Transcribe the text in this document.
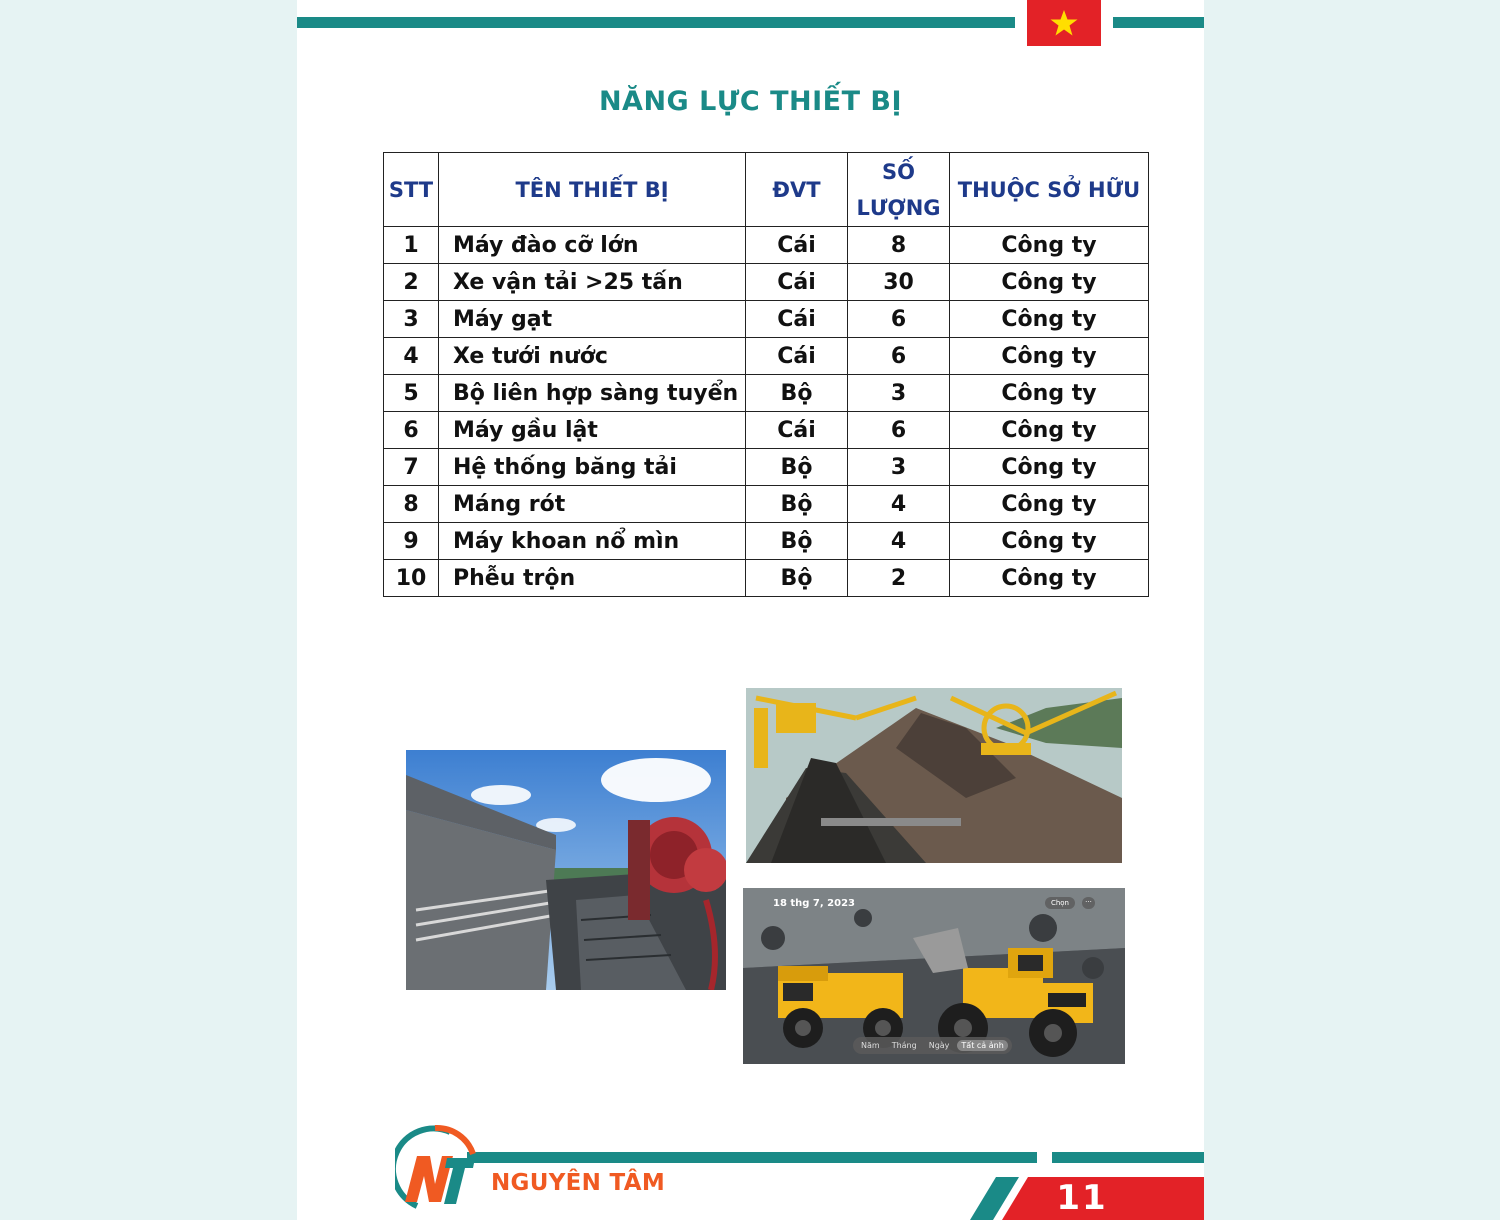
NĂNG LỰC THIẾT BỊ
STT	TÊN THIẾT BỊ	ĐVT	SỐ LƯỢNG	THUỘC SỞ HỮU
1	Máy đào cỡ lớn	Cái	8	Công ty
2	Xe vận tải >25 tấn	Cái	30	Công ty
3	Máy gạt	Cái	6	Công ty
4	Xe tưới nước	Cái	6	Công ty
5	Bộ liên hợp sàng tuyển	Bộ	3	Công ty
6	Máy gầu lật	Cái	6	Công ty
7	Hệ thống băng tải	Bộ	3	Công ty
8	Máng rót	Bộ	4	Công ty
9	Máy khoan nổ mìn	Bộ	4	Công ty
10	Phễu trộn	Bộ	2	Công ty
18 thg 7, 2023	Chọn	···
Năm	Tháng	Ngày	Tất cả ảnh
NGUYÊN TÂM	11
